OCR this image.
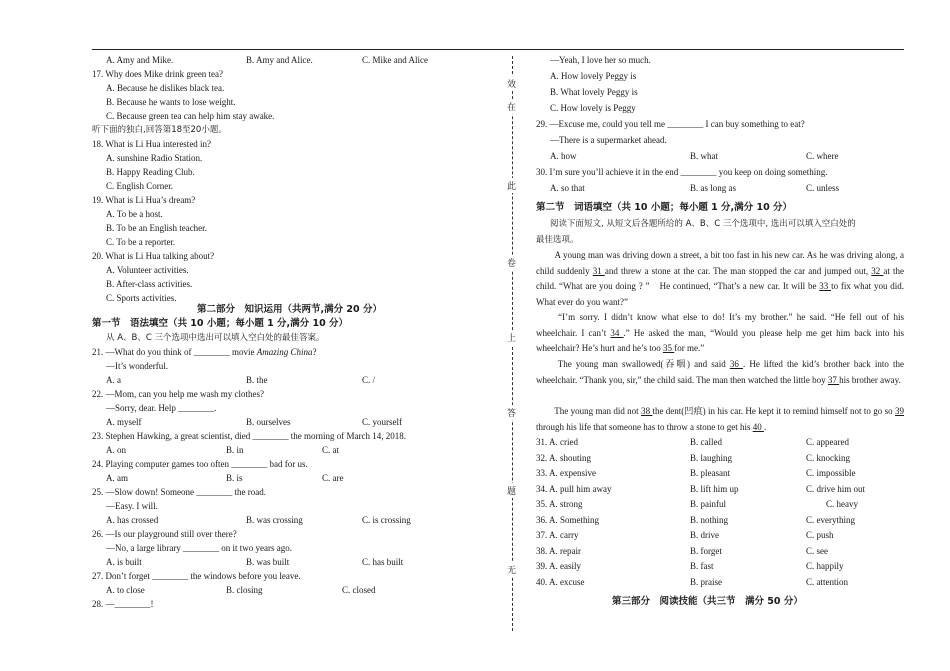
A. Amy and Mike.	B. Amy and Alice.	C. Mike and Alice
17. Why does Mike drink green tea?
A. Because he dislikes black tea.
B. Because he wants to lose weight.
C. Because green tea can help him stay awake.
听下面的独白,回答第18至20小题。
18. What is Li Hua interested in?
A. sunshine Radio Station.
B. Happy Reading Club.
C. English Corner.
19. What is Li Hua’s dream?
A. To be a host.
B. To be an English teacher.
C. To be a reporter.
20. What is Li Hua talking about?
A. Volunteer activities.
B. After-class activities.
C. Sports activities.
第二部分　知识运用（共两节,满分 20 分）
第一节　语法填空（共 10 小题；每小题 1 分,满分 10 分）
从 A、B、C 三个选项中选出可以填入空白处的最佳答案。
21. —What do you think of ________ movie Amazing China?
—It’s wonderful.
A. a	B. the	C. /
22. —Mom, can you help me wash my clothes?
—Sorry, dear. Help ________.
A. myself	B. ourselves	C. yourself
23. Stephen Hawking, a great scientist, died ________ the morning of March 14, 2018.
A. on	B. in	C. at
24. Playing computer games too often ________ bad for us.
A. am	B. is	C. are
25. —Slow down! Someone ________ the road.
—Easy. I will.
A. has crossed	B. was crossing	C. is crossing
26. —Is our playground still over there?
—No, a large library ________ on it two years ago.
A. is built	B. was built	C. has built
27. Don’t forget ________ the windows before you leave.
A. to close	B. closing	C. closed
28. —________!
—Yeah, I love her so much.
A. How lovely Peggy is
B. What lovely Peggy is
C. How lovely is Peggy
29. —Excuse me, could you tell me ________ I can buy something to eat?
—There is a supermarket ahead.
A. how	B. what	C. where
30. I’m sure you’ll achieve it in the end ________ you keep on doing something.
A. so that	B. as long as	C. unless
第二节　词语填空（共 10 小题；每小题 1 分,满分 10 分）
阅读下面短文, 从短文后各题所给的 A、B、C 三个选项中, 选出可以填入空白处的
最佳选项。
　　A young man was driving down a street, a bit too fast in his new car. As he was driving along, a child suddenly 31 and threw a stone at the car. The man stopped the car and jumped out, 32 at the child. “What are you doing ? ”　He continued, “That’s a new car. It will be 33 to fix what you did. What ever do you want?”
　　“I’m sorry. I didn’t know what else to do! It’s my brother.” he said. “He fell out of his wheelchair. I can’t 34 .” He asked the man, “Would you please help me get him back into his wheelchair? He’s hurt and he’s too 35 for me.”
　　The young man swallowed(吞咽) and said 36 . He lifted the kid’s brother back into the wheelchair. “Thank you, sir,” the child said. The man then watched the little boy 37 his brother away.
　　The young man did not 38 the dent(凹痕) in his car. He kept it to remind himself not to go so 39 through his life that someone has to throw a stone to get his 40 .
31. A. cried	B. called	C. appeared
32. A. shouting	B. laughing	C. knocking
33. A. expensive	B. pleasant	C. impossible
34. A. pull him away	B. lift him up	C. drive him out
35. A. strong	B. painful	C. heavy
36. A. Something	B. nothing	C. everything
37. A. carry	B. drive	C. push
38. A. repair	B. forget	C. see
39. A. easily	B. fast	C. happily
40. A. excuse	B. praise	C. attention
第三部分　阅读技能（共三节　满分 50 分）
效
在
此
卷
上
答
题
无
